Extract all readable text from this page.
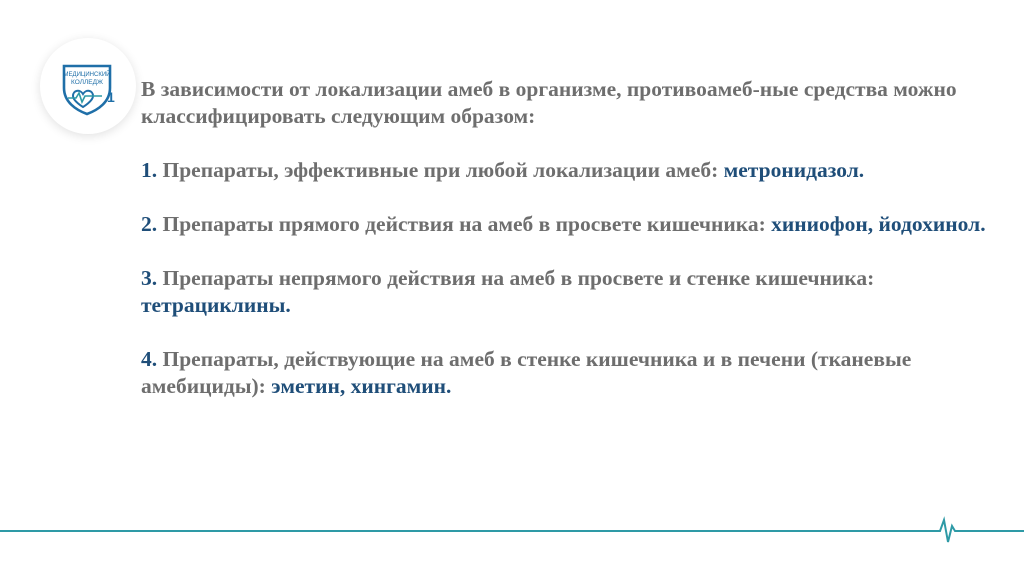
МЕДИЦИНСКИЙ
КОЛЛЕДЖ
1 В зависимости от локализации амеб в организме, противоамеб-ные средства можно классифицировать следующим образом:

1. Препараты, эффективные при любой локализации амеб: метронидазол.

2. Препараты прямого действия на амеб в просвете кишечника: хиниофон, йодохинол.

3. Препараты непрямого действия на амеб в просвете и стенке кишечника: тетрациклины.

4. Препараты, действующие на амеб в стенке кишечника и в печени (тканевые амебициды): эметин, хингамин.
